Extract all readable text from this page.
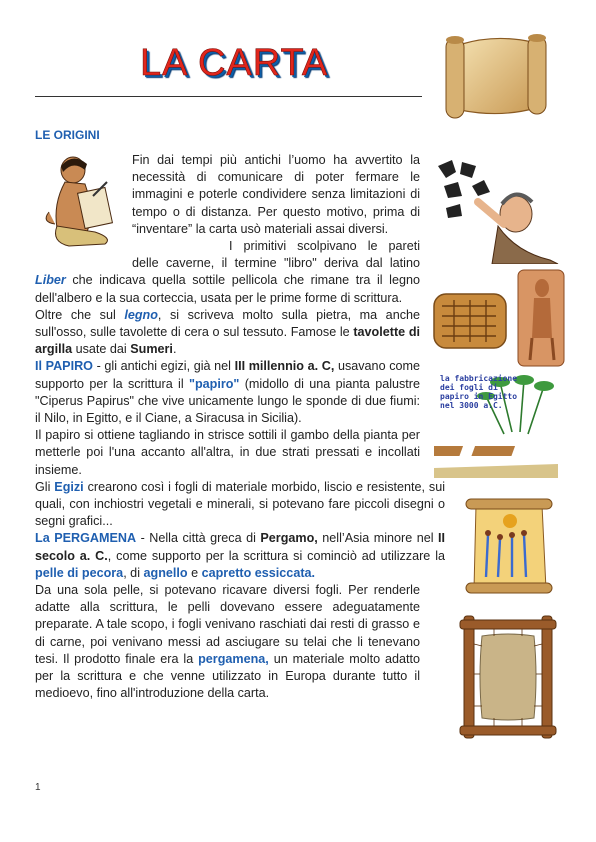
LA CARTA
LE ORIGINI

Fin dai tempi più antichi l’uomo ha avvertito la necessità di comunicare di poter fermare le immagini e poterle condividere senza limitazioni di tempo o di distanza. Per questo motivo, prima di “inventare” la carta usò materiali assai diversi.

I primitivi scolpivano le pareti delle caverne, il termine "libro" deriva dal latino Liber che indicava quella sottile pellicola che rimane tra il legno dell'albero e la sua corteccia, usata per le prime forme di scrittura.

Oltre che sul legno, si scriveva molto sulla pietra, ma anche sull'osso, sulle tavolette di cera o sul tessuto. Famose le tavolette di argilla usate dai Sumeri.

Il PAPIRO - gli antichi egizi, già nel III millennio a. C, usavano come supporto per la scrittura il "papiro" (midollo di una pianta palustre "Ciperus Papirus" che vive unicamente lungo le sponde di due fiumi: il Nilo, in Egitto, e il Ciane, a Siracusa in Sicilia).

Il papiro si ottiene tagliando in strisce sottili il gambo della pianta per metterle poi l'una accanto all'altra, in due strati pressati e incollati insieme.

Gli Egizi crearono così i fogli di materiale morbido, liscio e resistente, sui quali, con inchiostri vegetali e minerali, si potevano fare piccoli disegni o segni grafici...

La PERGAMENA - Nella città greca di Pergamo, nell’Asia minore nel II secolo a. C., come supporto per la scrittura si cominciò ad utilizzare la pelle di pecora, di agnello e capretto essiccata.

Da una sola pelle, si potevano ricavare diversi fogli. Per renderle adatte alla scrittura, le pelli dovevano essere adeguatamente preparate. A tale scopo, i fogli venivano raschiati dai resti di grasso e di carne, poi venivano messi ad asciugare su telai che li tenevano tesi. Il prodotto finale era la pergamena, un materiale molto adatto per la scrittura e che venne utilizzato in Europa durante tutto il medioevo, fino all'introduzione della carta.

la fabbricazione dei fogli di papiro in Egitto nel 3000 a.C.
1
